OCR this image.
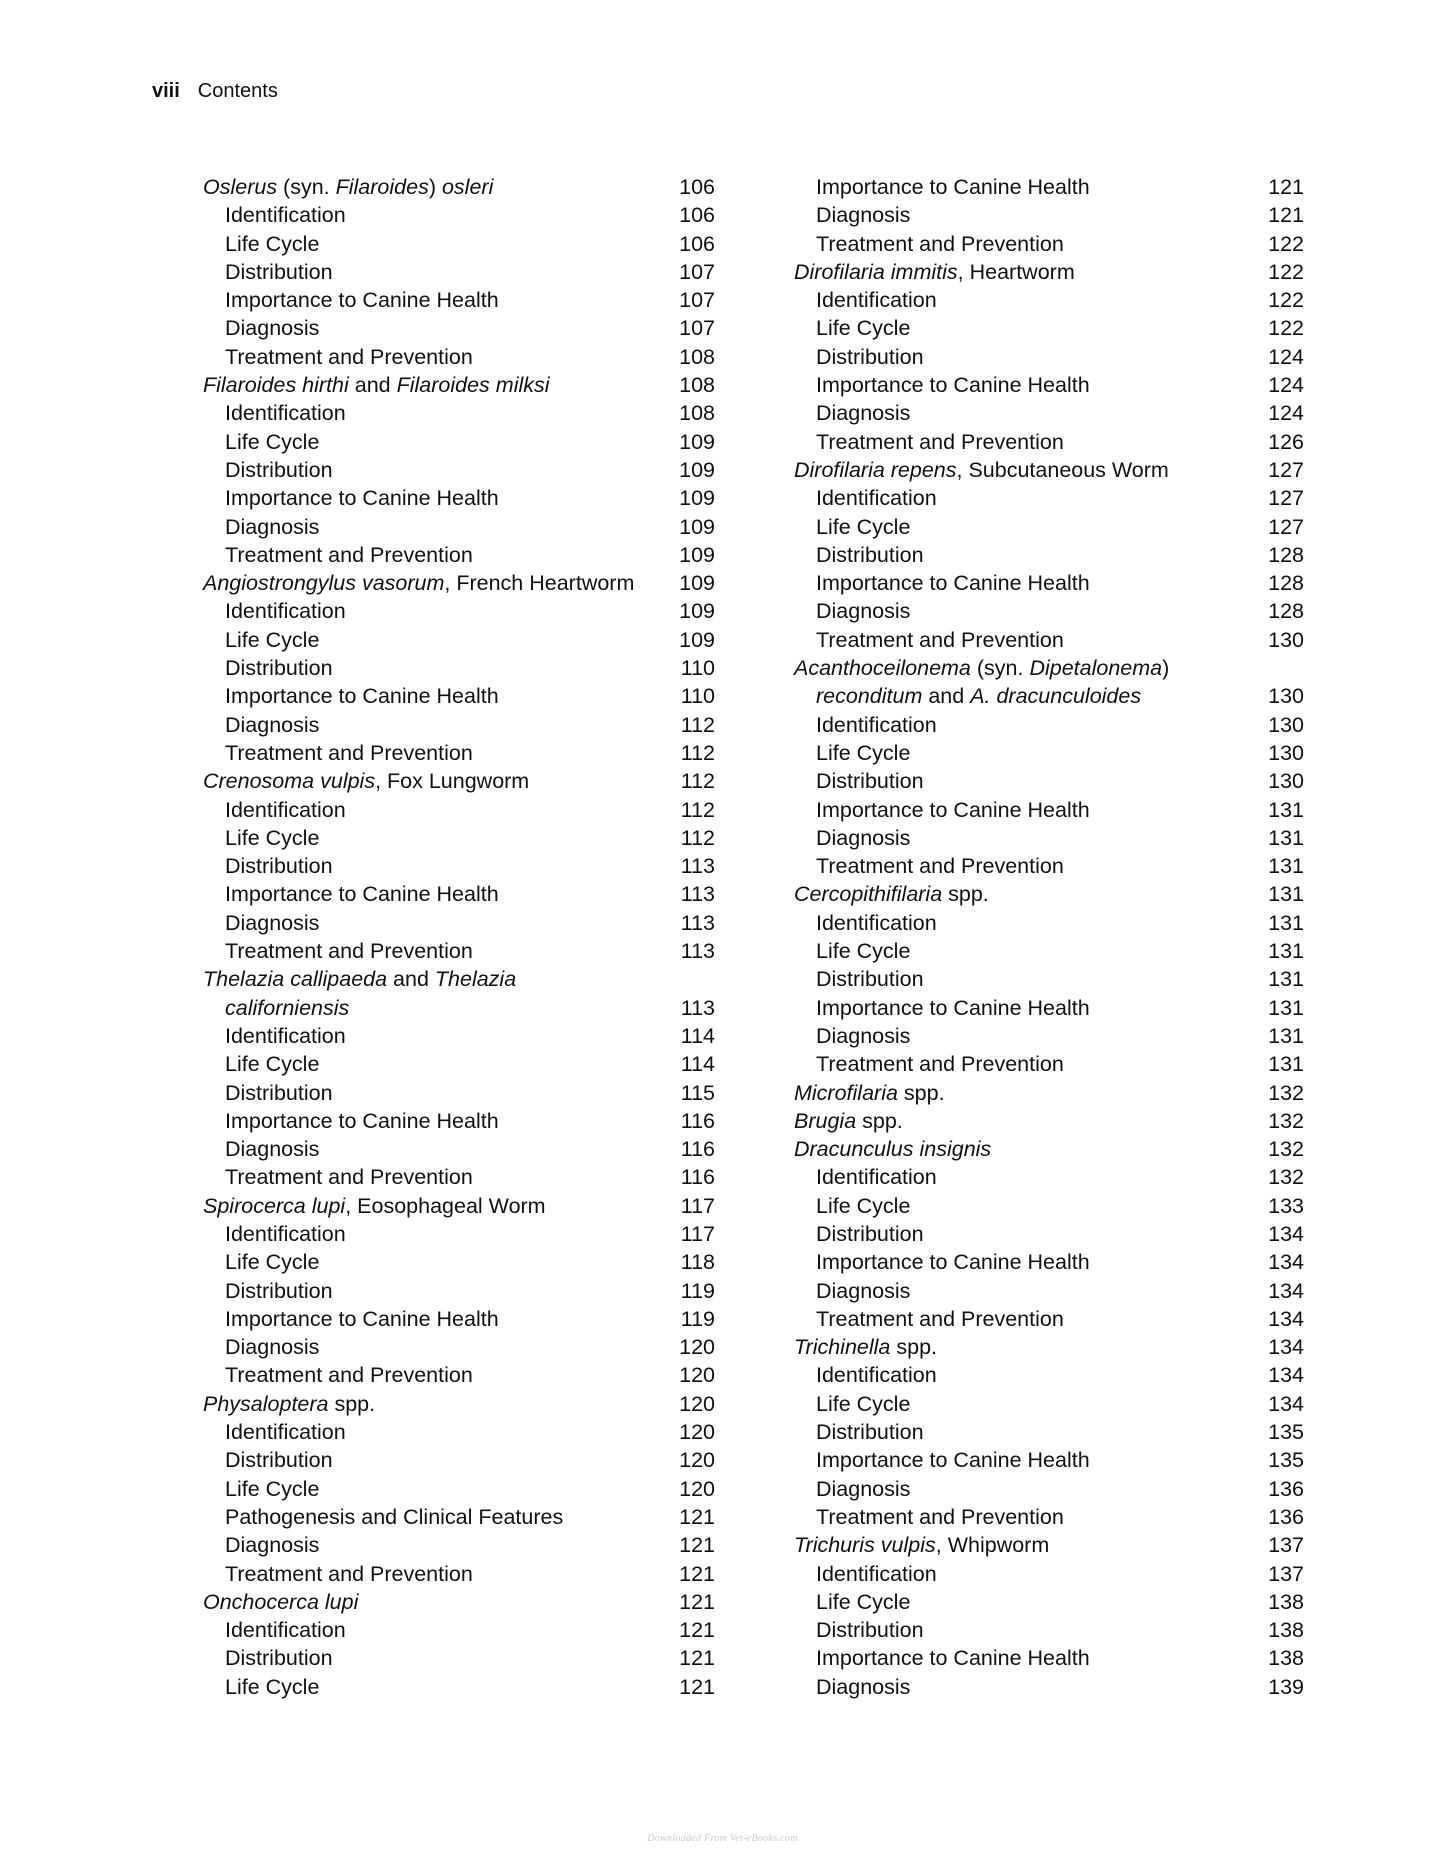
viii Contents
Oslerus (syn. Filaroides) osleri	106
Identification	106
Life Cycle	106
Distribution	107
Importance to Canine Health	107
Diagnosis	107
Treatment and Prevention	108
Filaroides hirthi and Filaroides milksi	108
Identification	108
Life Cycle	109
Distribution	109
Importance to Canine Health	109
Diagnosis	109
Treatment and Prevention	109
Angiostrongylus vasorum, French Heartworm 109
Identification	109
Life Cycle	109
Distribution	110
Importance to Canine Health	110
Diagnosis	112
Treatment and Prevention	112
Crenosoma vulpis, Fox Lungworm	112
Identification	112
Life Cycle	112
Distribution	113
Importance to Canine Health	113
Diagnosis	113
Treatment and Prevention	113
Thelazia callipaeda and Thelazia
californiensis	113
Identification	114
Life Cycle	114
Distribution	115
Importance to Canine Health	116
Diagnosis	116
Treatment and Prevention	116
Spirocerca lupi, Eosophageal Worm	117
Identification	117
Life Cycle	118
Distribution	119
Importance to Canine Health	119
Diagnosis	120
Treatment and Prevention	120
Physaloptera spp.	120
Identification	120
Distribution	120
Life Cycle	120
Pathogenesis and Clinical Features	121
Diagnosis	121
Treatment and Prevention	121
Onchocerca lupi	121
Identification	121
Distribution	121
Life Cycle	121
Importance to Canine Health	121
Diagnosis	121
Treatment and Prevention	122
Dirofilaria immitis, Heartworm	122
Identification	122
Life Cycle	122
Distribution	124
Importance to Canine Health	124
Diagnosis	124
Treatment and Prevention	126
Dirofilaria repens, Subcutaneous Worm	127
Identification	127
Life Cycle	127
Distribution	128
Importance to Canine Health	128
Diagnosis	128
Treatment and Prevention	130
Acanthoceilonema (syn. Dipetalonema)
reconditum and A. dracunculoides	130
Identification	130
Life Cycle	130
Distribution	130
Importance to Canine Health	131
Diagnosis	131
Treatment and Prevention	131
Cercopithifilaria spp.	131
Identification	131
Life Cycle	131
Distribution	131
Importance to Canine Health	131
Diagnosis	131
Treatment and Prevention	131
Microfilaria spp.	132
Brugia spp.	132
Dracunculus insignis	132
Identification	132
Life Cycle	133
Distribution	134
Importance to Canine Health	134
Diagnosis	134
Treatment and Prevention	134
Trichinella spp.	134
Identification	134
Life Cycle	134
Distribution	135
Importance to Canine Health	135
Diagnosis	136
Treatment and Prevention	136
Trichuris vulpis, Whipworm	137
Identification	137
Life Cycle	138
Distribution	138
Importance to Canine Health	138
Diagnosis	139
Downloaded From Vet-eBooks.com
